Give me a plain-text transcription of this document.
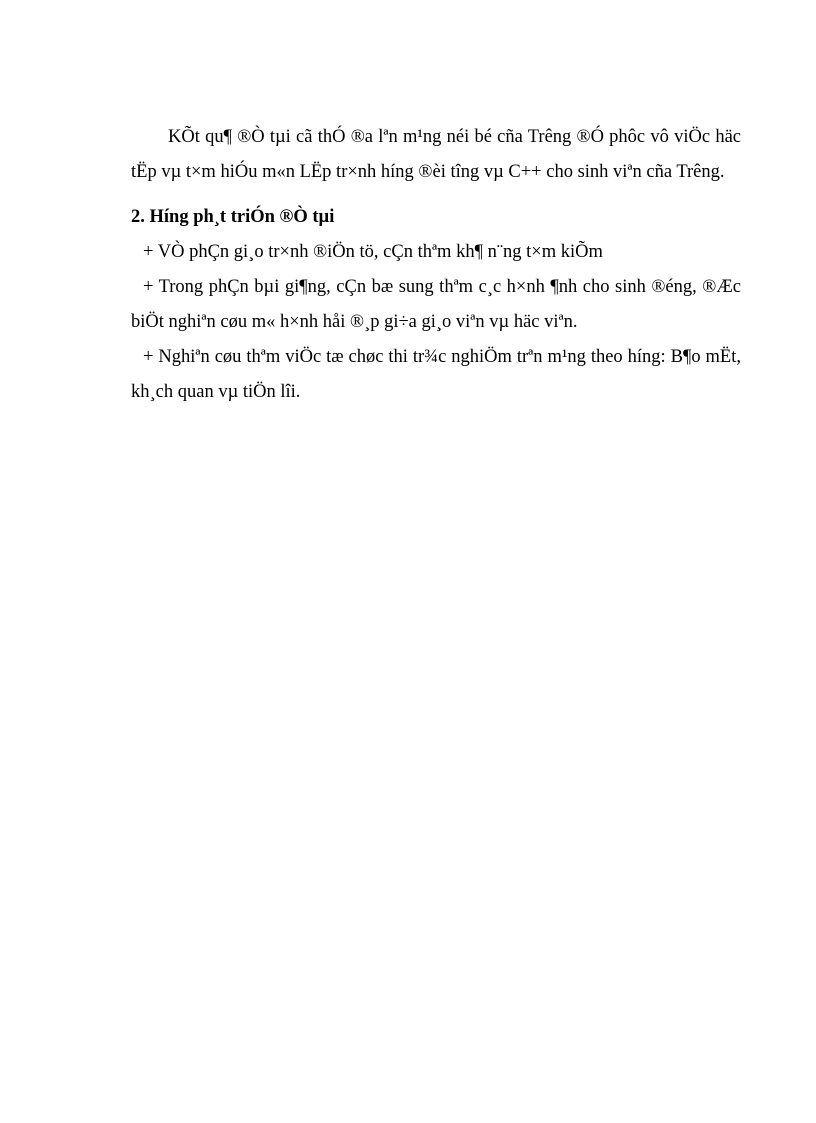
KÕt qu¶ ®Ò tµi cã thÓ ®a lªn m¹ng néi bé cña Trêng ®Ó phôc vô viÖc häc tËp vµ t×m hiÓu m«n LËp tr×nh híng ®èi tîng vµ C++ cho sinh viªn cña Trêng.

2. Híng ph¸t triÓn ®Ò tµi

+ VÒ phÇn gi¸o tr×nh ®iÖn tö, cÇn thªm kh¶ n¨ng t×m kiÕm

+ Trong phÇn bµi gi¶ng, cÇn bæ sung thªm c¸c h×nh ¶nh cho sinh ®éng, ®Æc biÖt nghiªn cøu m« h×nh håi ®¸p gi÷a gi¸o viªn vµ häc viªn.

+ Nghiªn cøu thªm viÖc tæ chøc thi tr¾c nghiÖm trªn m¹ng theo híng: B¶o mËt, kh¸ch quan vµ tiÖn lîi.
